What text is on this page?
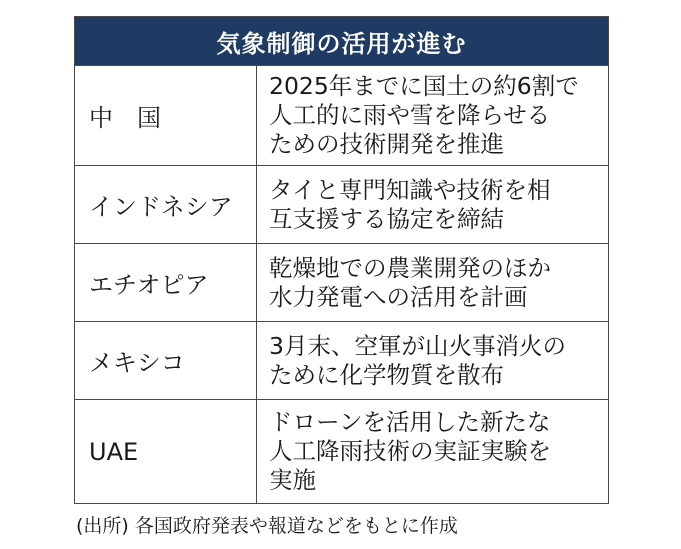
気象制御の活用が進む
中　国
2025年までに国土の約6割で
人工的に雨や雪を降らせる
ための技術開発を推進
インドネシア
タイと専門知識や技術を相
互支援する協定を締結
エチオピア
乾燥地での農業開発のほか
水力発電への活用を計画
メキシコ
3月末、空軍が山火事消火の
ために化学物質を散布
UAE
ドローンを活用した新たな
人工降雨技術の実証実験を
実施
(出所) 各国政府発表や報道などをもとに作成
